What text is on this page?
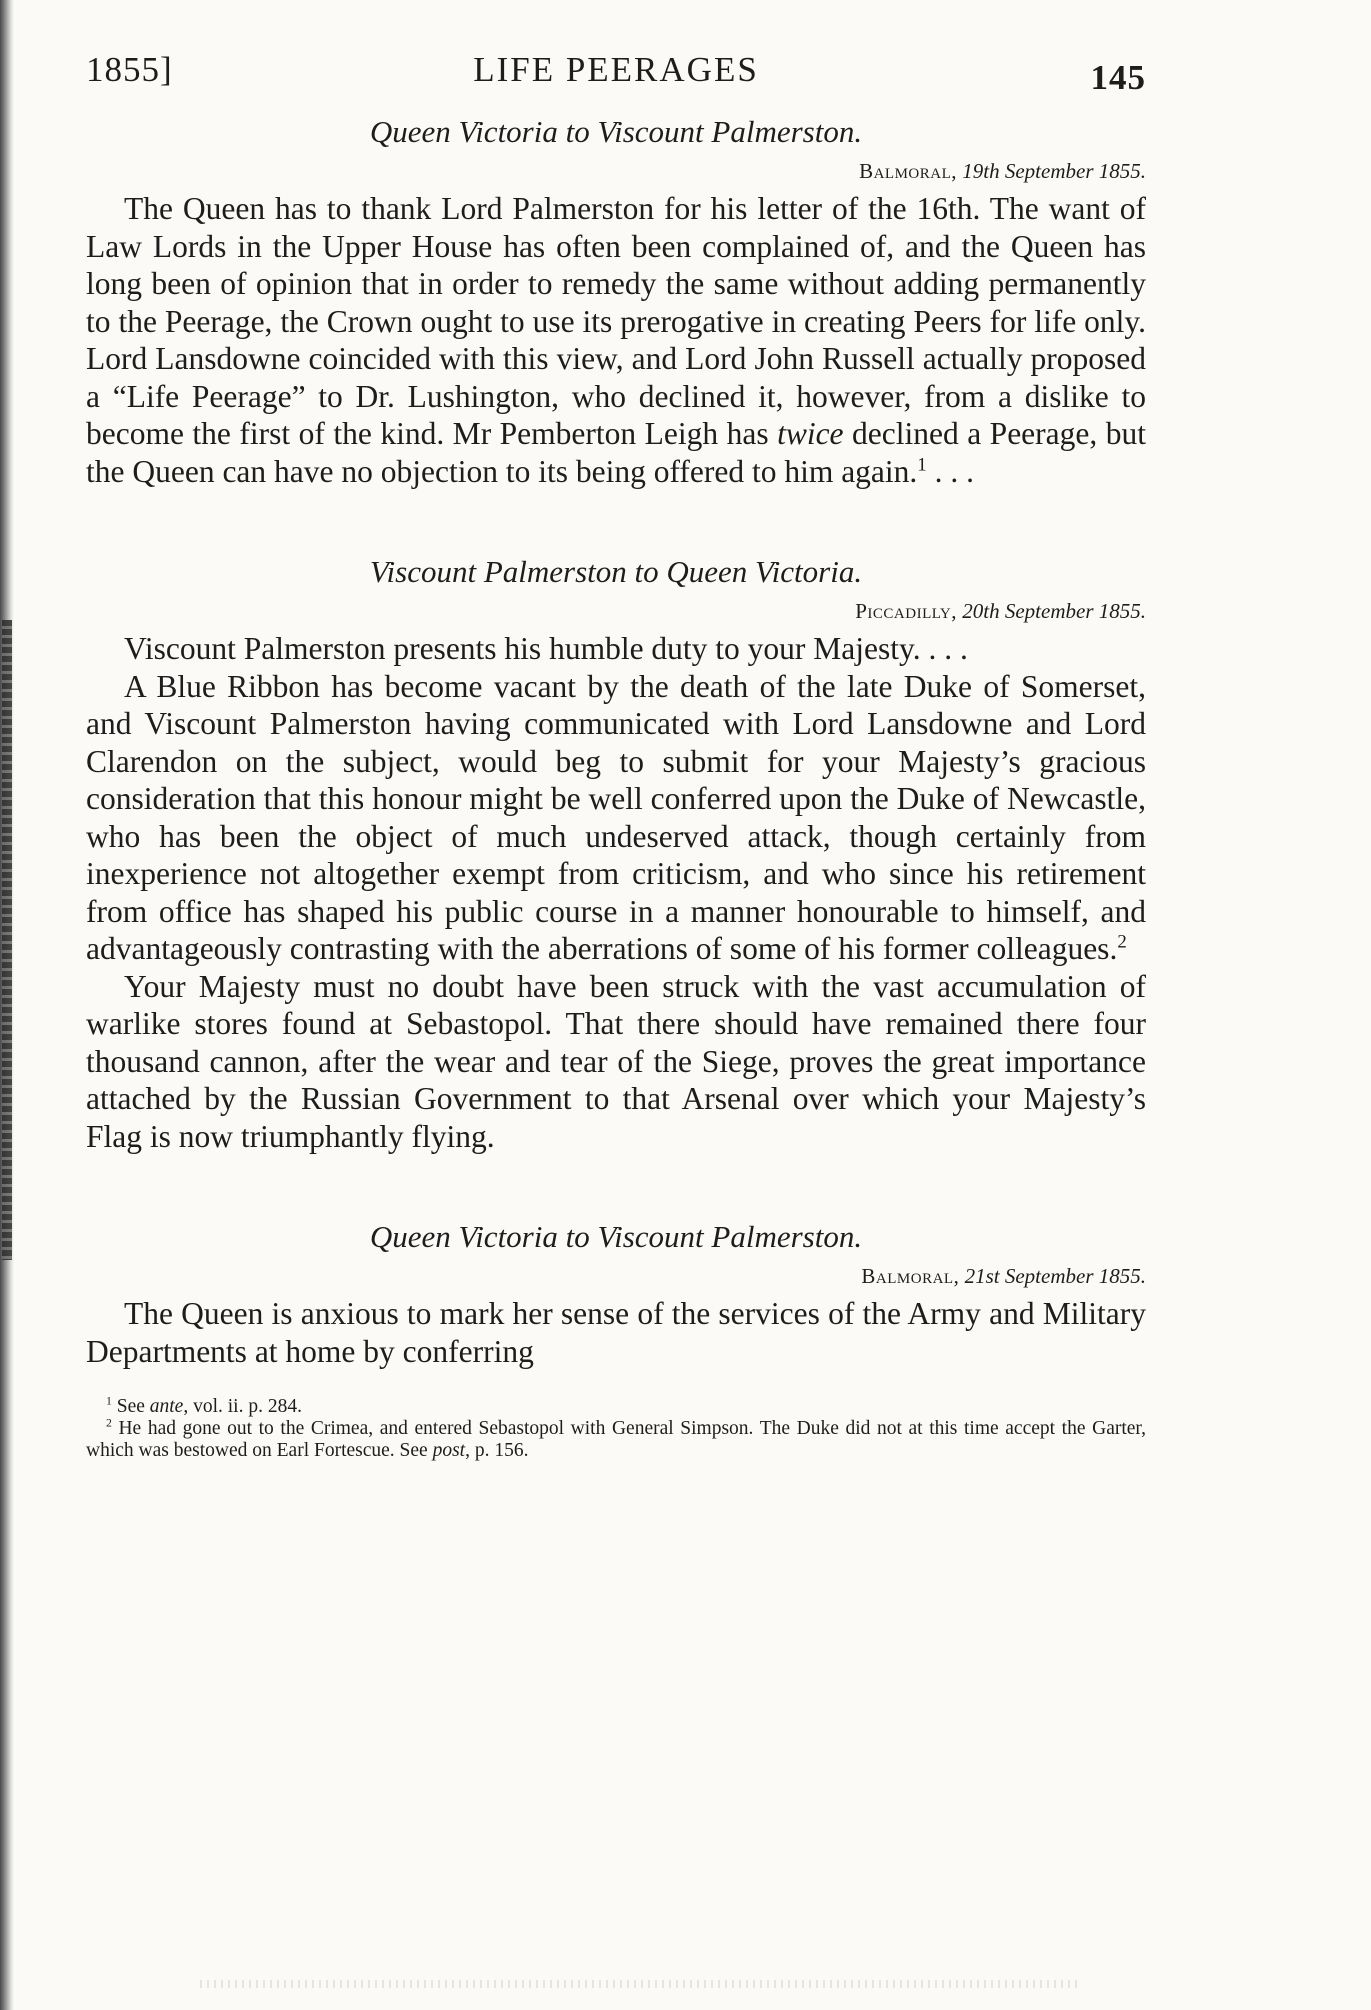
1855]	LIFE PEERAGES	145

Queen Victoria to Viscount Palmerston.

Balmoral, 19th September 1855.

The Queen has to thank Lord Palmerston for his letter of the 16th. The want of Law Lords in the Upper House has often been complained of, and the Queen has long been of opinion that in order to remedy the same without adding permanently to the Peerage, the Crown ought to use its prerogative in creating Peers for life only. Lord Lansdowne coincided with this view, and Lord John Russell actually proposed a “Life Peerage” to Dr. Lushington, who declined it, however, from a dislike to become the first of the kind. Mr Pemberton Leigh has twice declined a Peerage, but the Queen can have no objection to its being offered to him again.$^1$ . . .

Viscount Palmerston to Queen Victoria.

Piccadilly, 20th September 1855.

Viscount Palmerston presents his humble duty to your Majesty. . . .

A Blue Ribbon has become vacant by the death of the late Duke of Somerset, and Viscount Palmerston having communicated with Lord Lansdowne and Lord Clarendon on the subject, would beg to submit for your Majesty’s gracious consideration that this honour might be well conferred upon the Duke of Newcastle, who has been the object of much undeserved attack, though certainly from inexperience not altogether exempt from criticism, and who since his retirement from office has shaped his public course in a manner honourable to himself, and advantageously contrasting with the aberrations of some of his former colleagues.$^2$

Your Majesty must no doubt have been struck with the vast accumulation of warlike stores found at Sebastopol. That there should have remained there four thousand cannon, after the wear and tear of the Siege, proves the great importance attached by the Russian Government to that Arsenal over which your Majesty’s Flag is now triumphantly flying.

Queen Victoria to Viscount Palmerston.

Balmoral, 21st September 1855.

The Queen is anxious to mark her sense of the services of the Army and Military Departments at home by conferring

$^1$ See ante, vol. ii. p. 284.

$^2$ He had gone out to the Crimea, and entered Sebastopol with General Simpson. The Duke did not at this time accept the Garter, which was bestowed on Earl Fortescue. See post, p. 156.
